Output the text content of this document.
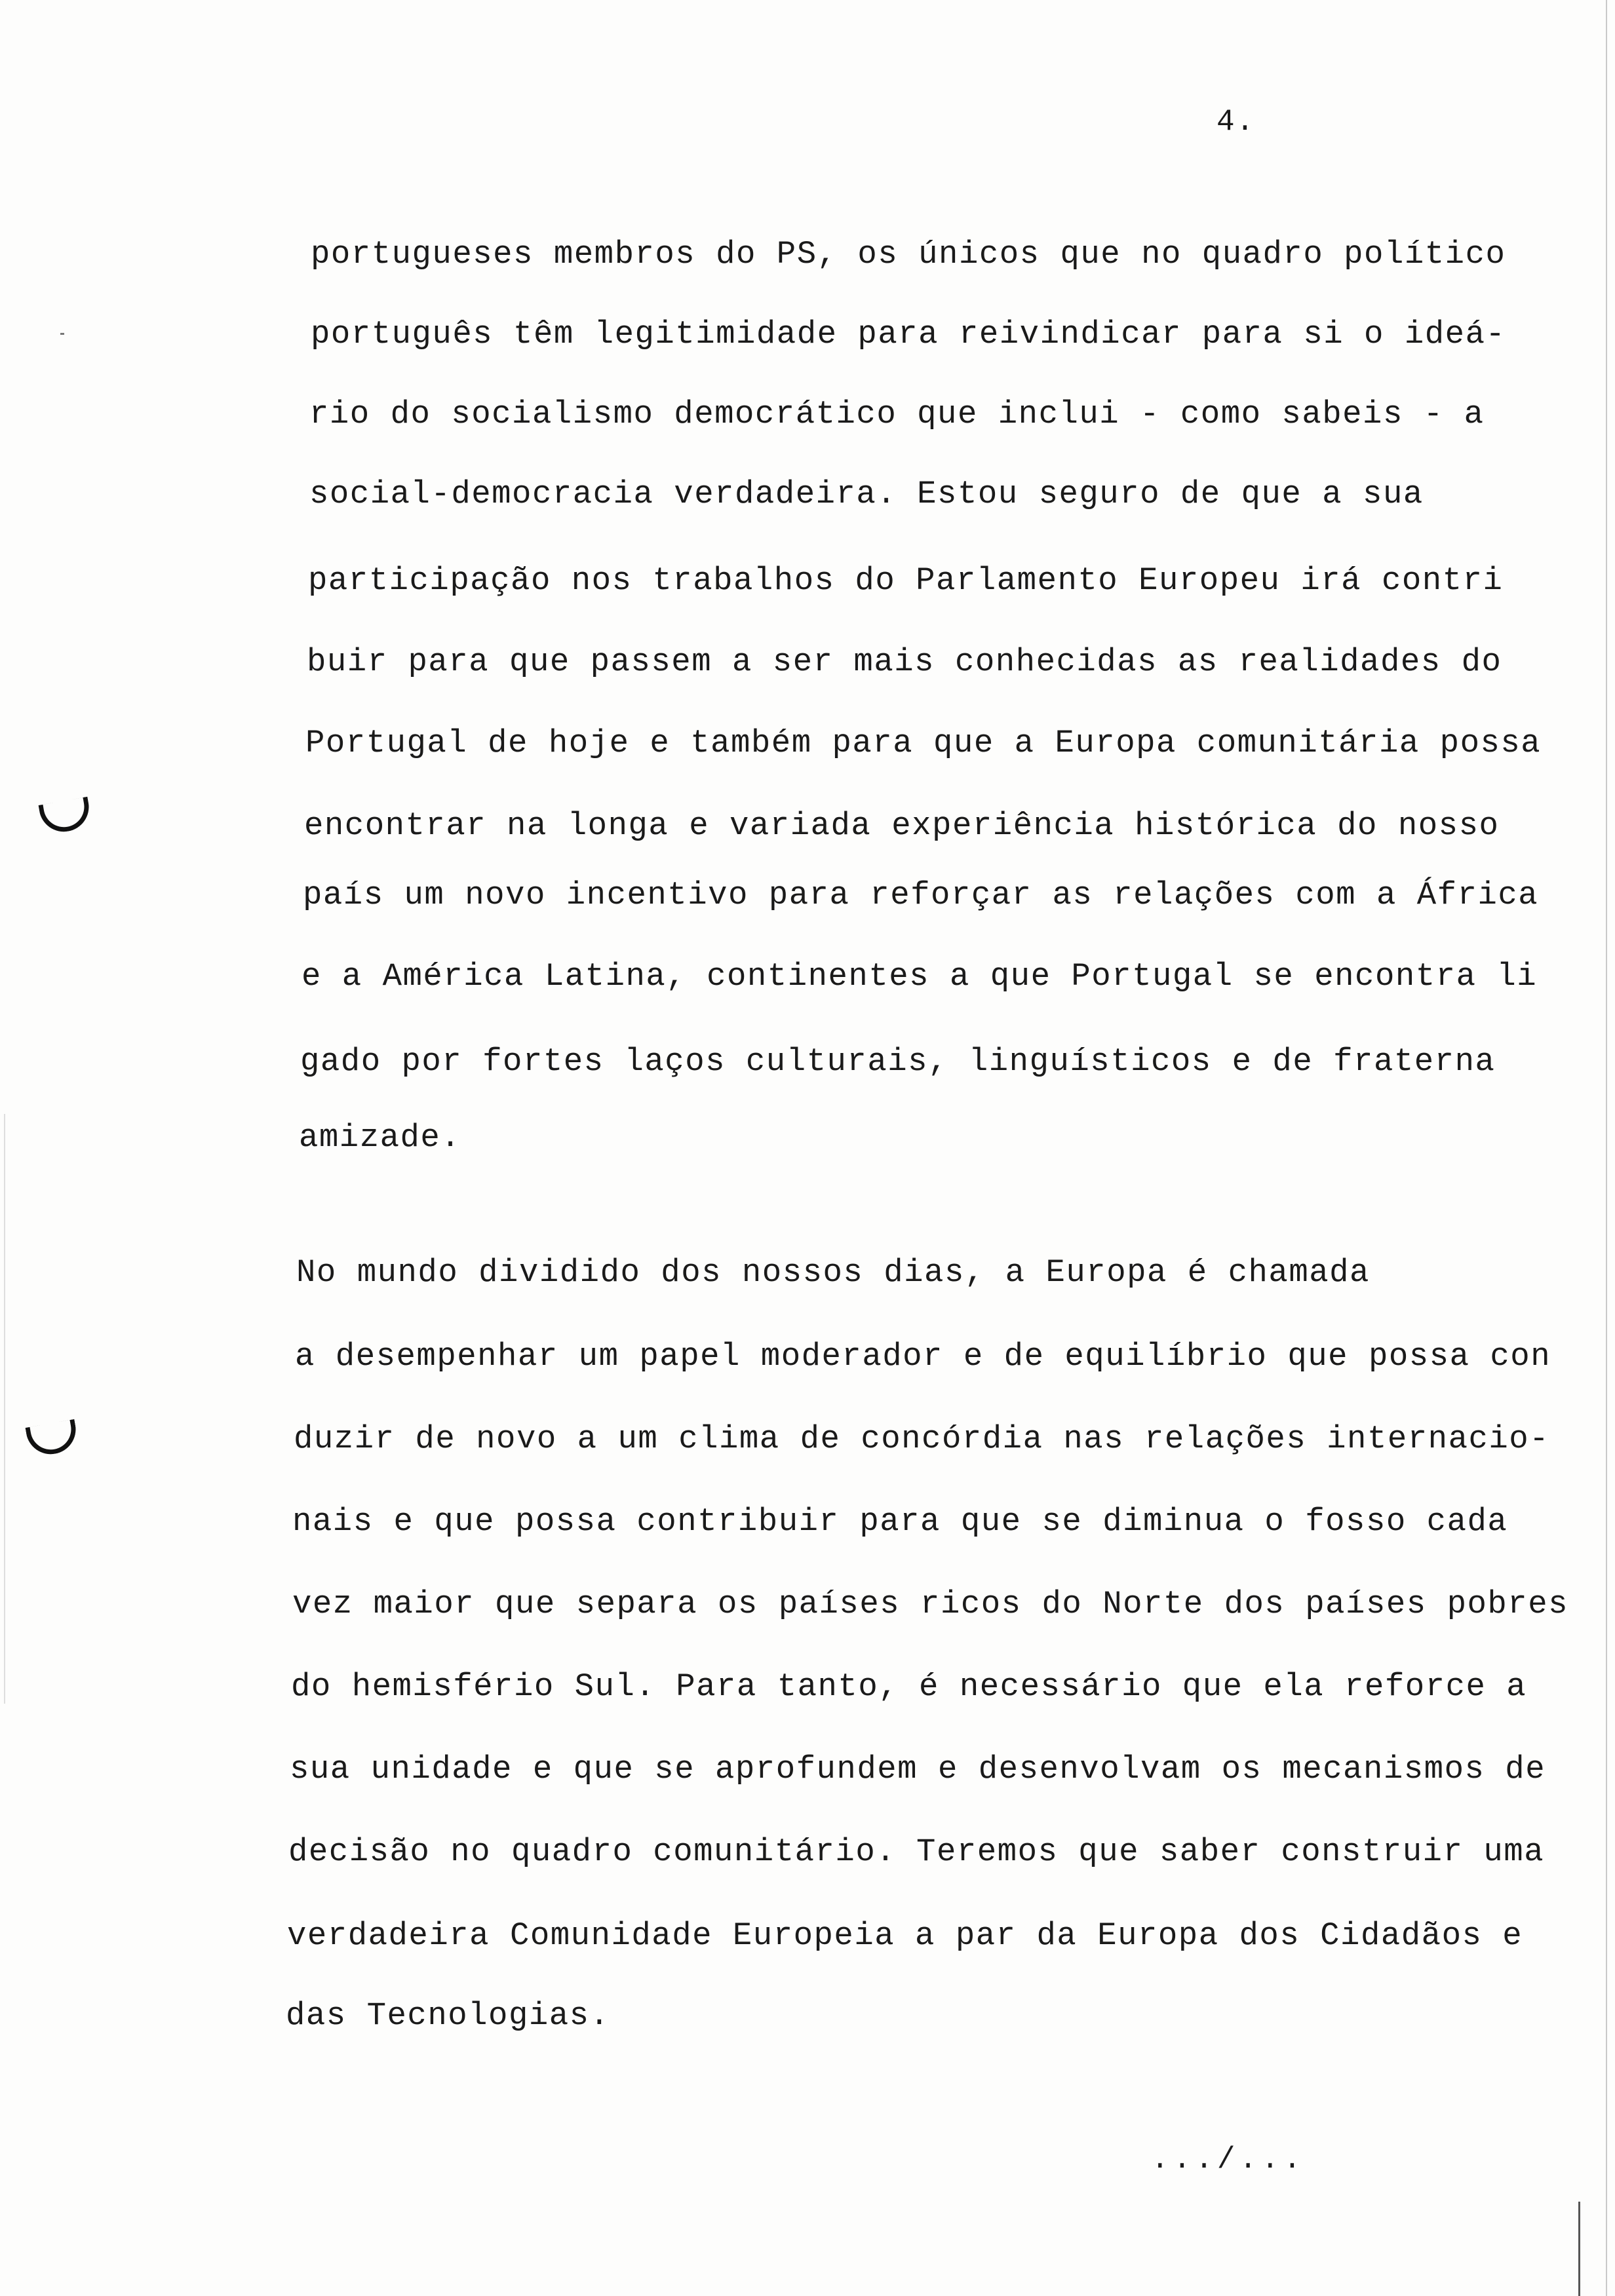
4.
portugueses membros do PS, os únicos que no quadro político
português têm legitimidade para reivindicar para si o ideá-
rio do socialismo democrático que inclui - como sabeis - a
social-democracia verdadeira. Estou seguro de que a sua
participação nos trabalhos do Parlamento Europeu irá contri
buir para que passem a ser mais conhecidas as realidades do
Portugal de hoje e também para que a Europa comunitária possa
encontrar na longa e variada experiência histórica do nosso
país um novo incentivo para reforçar as relações com a África
e a América Latina, continentes a que Portugal se encontra li
gado por fortes laços culturais, linguísticos e de fraterna
amizade.
No mundo dividido dos nossos dias, a Europa é chamada
a desempenhar um papel moderador e de equilíbrio que possa con
duzir de novo a um clima de concórdia nas relações internacio-
nais e que possa contribuir para que se diminua o fosso cada
vez maior que separa os países ricos do Norte dos países pobres
do hemisfério Sul. Para tanto, é necessário que ela reforce a
sua unidade e que se aprofundem e desenvolvam os mecanismos de
decisão no quadro comunitário. Teremos que saber construir uma
verdadeira Comunidade Europeia a par da Europa dos Cidadãos e
das Tecnologias.
.../...
